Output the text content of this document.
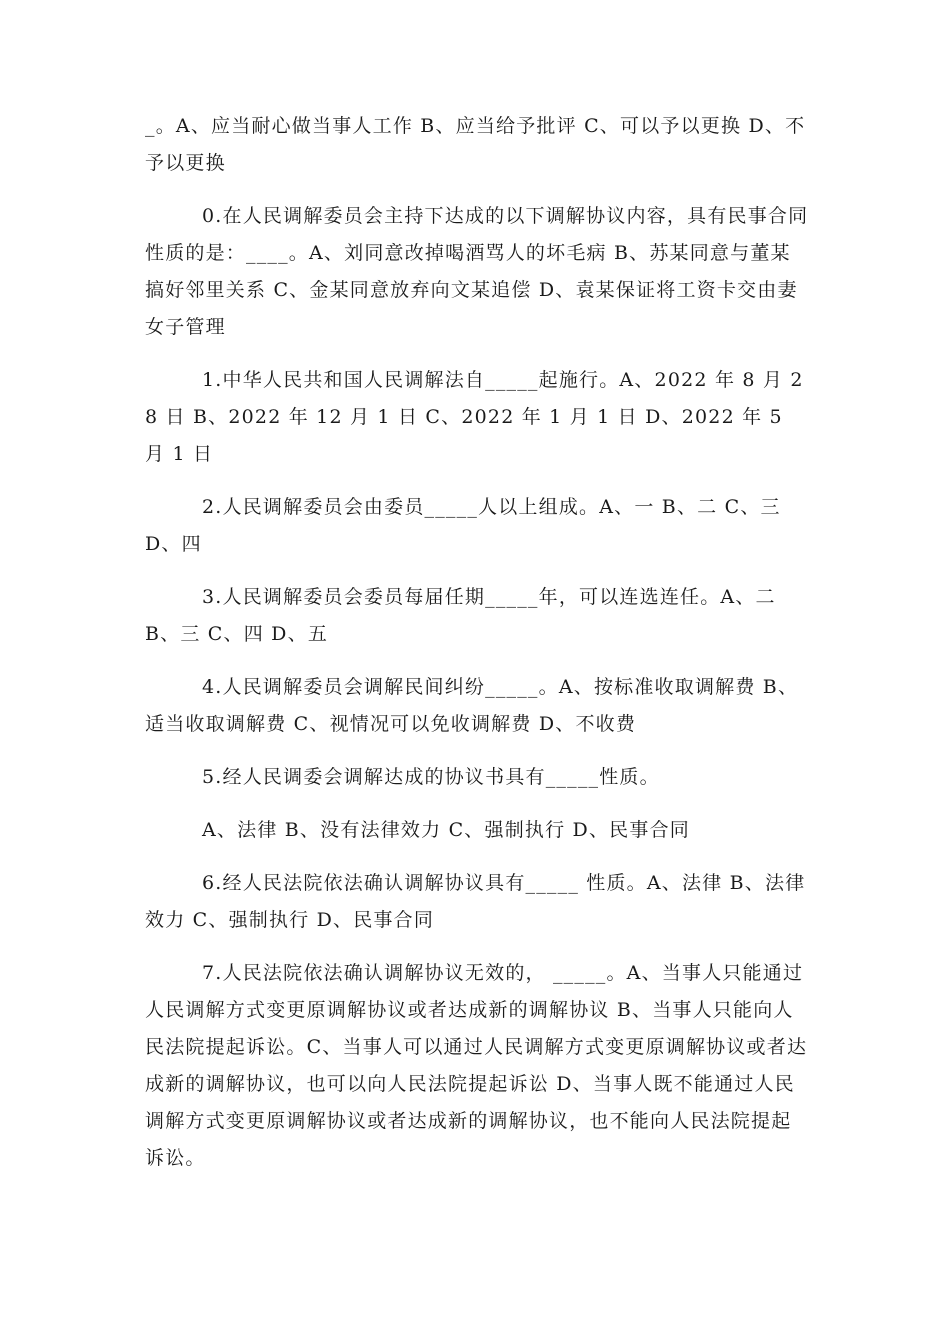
_。A、应当耐心做当事人工作 B、应当给予批评 C、可以予以更换 D、不予以更换

0.在人民调解委员会主持下达成的以下调解协议内容，具有民事合同性质的是：____。A、刘同意改掉喝酒骂人的坏毛病 B、苏某同意与董某搞好邻里关系 C、金某同意放弃向文某追偿 D、袁某保证将工资卡交由妻女子管理

1.中华人民共和国人民调解法自_____起施行。A、2022 年 8 月 28 日 B、2022 年 12 月 1 日 C、2022 年 1 月 1 日 D、2022 年 5 月 1 日

2.人民调解委员会由委员_____人以上组成。A、一 B、二 C、三 D、四

3.人民调解委员会委员每届任期_____年，可以连选连任。A、二 B、三 C、四 D、五

4.人民调解委员会调解民间纠纷_____。A、按标准收取调解费 B、适当收取调解费 C、视情况可以免收调解费 D、不收费

5.经人民调委会调解达成的协议书具有_____性质。

A、法律 B、没有法律效力 C、强制执行 D、民事合同

6.经人民法院依法确认调解协议具有_____ 性质。A、法律 B、法律效力 C、强制执行 D、民事合同

7.人民法院依法确认调解协议无效的， _____。A、当事人只能通过人民调解方式变更原调解协议或者达成新的调解协议 B、当事人只能向人民法院提起诉讼。C、当事人可以通过人民调解方式变更原调解协议或者达成新的调解协议，也可以向人民法院提起诉讼 D、当事人既不能通过人民调解方式变更原调解协议或者达成新的调解协议，也不能向人民法院提起诉讼。
